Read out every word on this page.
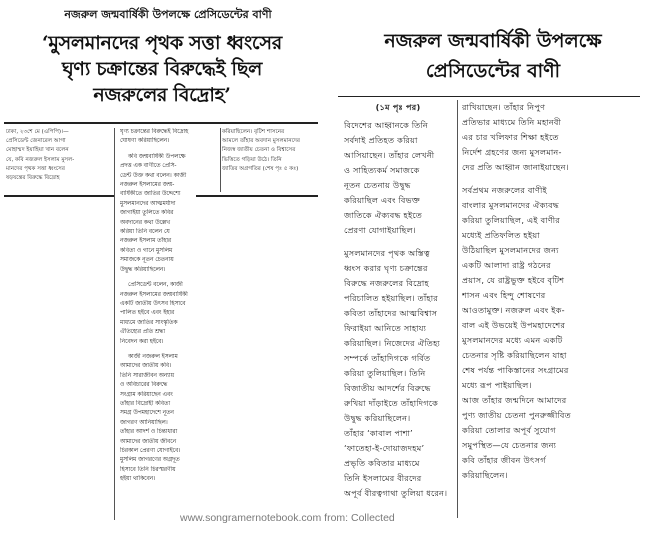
নজরুল জন্মবার্ষিকী উপলক্ষে প্রেসিডেন্টের বাণী
‘মুসলমানদের পৃথক সত্তা ধ্বংসের
ঘৃণ্য চক্রান্তের বিরুদ্ধেই ছিল
নজরুলের বিদ্রোহ’
ঢাকা, ২৩শে মে (এপিপি)।—
প্রেসিডেন্ট জেনারেল আগা
মোহাম্মদ ইয়াহিয়া খান বলেন
যে, কবি নজরুল ইসলাম মুসল-
মানদের পৃথক সত্তা ধ্বংসের
ষড়যন্ত্রের বিরুদ্ধে বিদ্রোহ
ঘৃণ্য চক্রান্তের বিরুদ্ধেই বিদ্রোহ
ঘোষণা করিয়াছিলেন।
কবি জন্মবার্ষিকী উপলক্ষে
প্রদত্ত এক বাণীতে প্রেসি-
ডেন্ট উক্ত কথা বলেন। কাজী
নজরুল ইসলামের জন্ম-
বার্ষিকীতে জাতির উদ্দেশ্যে
মুসলমানদের আত্মমর্যাদা
জাগাইয়া তুলিতে কবির
অবদানের কথা উল্লেখ
করিয়া তিনি বলেন যে
নজরুল ইসলাম তাঁহার
কবিতা ও গানে মুসলিম
সমাজকে নূতন চেতনায়
উদ্বুদ্ধ করিয়াছিলেন।
প্রেসিডেন্ট বলেন, কাজী
নজরুল ইসলামের জন্মবার্ষিকী
একটি জাতীয় উৎসব হিসাবে
পালিত হইবে এবং ইহার
মাধ্যমে জাতির সাংস্কৃতিক
ঐতিহ্যের প্রতি শ্রদ্ধা
নিবেদন করা হইবে।
কাজী নজরুল ইসলাম
আমাদের জাতীয় কবি।
তিনি সারাজীবন অন্যায়
ও অবিচারের বিরুদ্ধে
সংগ্রাম করিয়াছেন এবং
তাঁহার বিদ্রোহী কবিতা
সমগ্র উপমহাদেশে নূতন
জাগরণ আনিয়াছিল।
তাঁহার আদর্শ ও চিন্তাধারা
আমাদের জাতীয় জীবনে
চিরকাল প্রেরণা যোগাইবে।
মুসলিম জাগরণের অগ্রদূত
হিসাবে তিনি চিরস্মরণীয়
হইয়া থাকিবেন।
করিয়াছিলেন। বৃটিশ শাসনের
আমলে তাঁহার অবদান মুসলমানদের
নিজস্ব জাতীয় চেতনা ও বিশ্বাসের
ভিত্তিতে গড়িয়া উঠে। তিনি
জাতির অগ্রগতির (শেষ পৃঃ ৫ কঃ)
নজরুল জন্মবার্ষিকী উপলক্ষে
প্রেসিডেন্টের বাণী
(১ম পৃঃ পর)
বিদেশের আহ্বানকে তিনি
সর্বদাই প্রতিহত করিয়া
আসিয়াছেন। তাঁহার লেখনী
ও সাহিত্যকর্ম সমাজকে
নূতন চেতনায় উদ্বুদ্ধ
করিয়াছিল এবং বিভক্ত
জাতিকে ঐক্যবদ্ধ হইতে
প্রেরণা যোগাইয়াছিল।
মুসলমানদের পৃথক অস্তিত্ব
ধ্বংস করার ঘৃণ্য চক্রান্তের
বিরুদ্ধে নজরুলের বিদ্রোহ
পরিচালিত হইয়াছিল। তাঁহার
কবিতা তাঁহাদের আত্মবিশ্বাস
ফিরাইয়া আনিতে সাহায্য
করিয়াছিল। নিজেদের ঐতিহ্য
সম্পর্কে তাঁহাদিগকে গর্বিত
করিয়া তুলিয়াছিল। তিনি
বিজাতীয় আদর্শের বিরুদ্ধে
রুখিয়া দাঁড়াইতে তাঁহাদিগকে
উদ্বুদ্ধ করিয়াছিলেন।
তাঁহার ‘কাবাল পাশা’
‘ফাতেহা-ই-দোয়াজদহম’
প্রভৃতি কবিতার মাধ্যমে
তিনি ইসলামের বীরদের
অপূর্ব বীরত্বগাথা তুলিয়া ধরেন।
রাখিয়াছেন। তাঁহার নিপুণ
প্রতিভার মাধ্যমে তিনি মহানবী
এর চার খলিফার শিক্ষা হইতে
নির্দেশ গ্রহণের জন্য মুসলমান-
দের প্রতি আহ্বান জানাইয়াছেন।
সর্বপ্রথম নজরুলের বাণীই
বাংলার মুসলমানদের ঐক্যবদ্ধ
করিয়া তুলিয়াছিল, এই বাণীর
মধ্যেই প্রতিফলিত হইয়া
উঠিয়াছিল মুসলমানদের জন্য
একটি আলাদা রাষ্ট্র গঠনের
প্রয়াস, যে রাষ্ট্রভুক্ত হইবে বৃটিশ
শাসন এবং হিন্দু শোষণের
আওতামুক্ত। নজরুল এবং ইক-
বাল এই উভয়েই উপমহাদেশের
মুসলমানদের মধ্যে এমন একটি
চেতনার সৃষ্টি করিয়াছিলেন যাহা
শেষ পর্যন্ত পাকিস্তানের সংগ্রামের
মধ্যে রূপ পাইয়াছিল।
আজ তাঁহার জন্মদিনে আমাদের
পুণ্য জাতীয় চেতনা পুনরুজ্জীবিত
করিয়া তোলার অপূর্ব সুযোগ
সমুপস্থিত—যে চেতনার জন্য
কবি তাঁহার জীবন উৎসর্গ
করিয়াছিলেন।
www.songramernotebook.com from: Collected
